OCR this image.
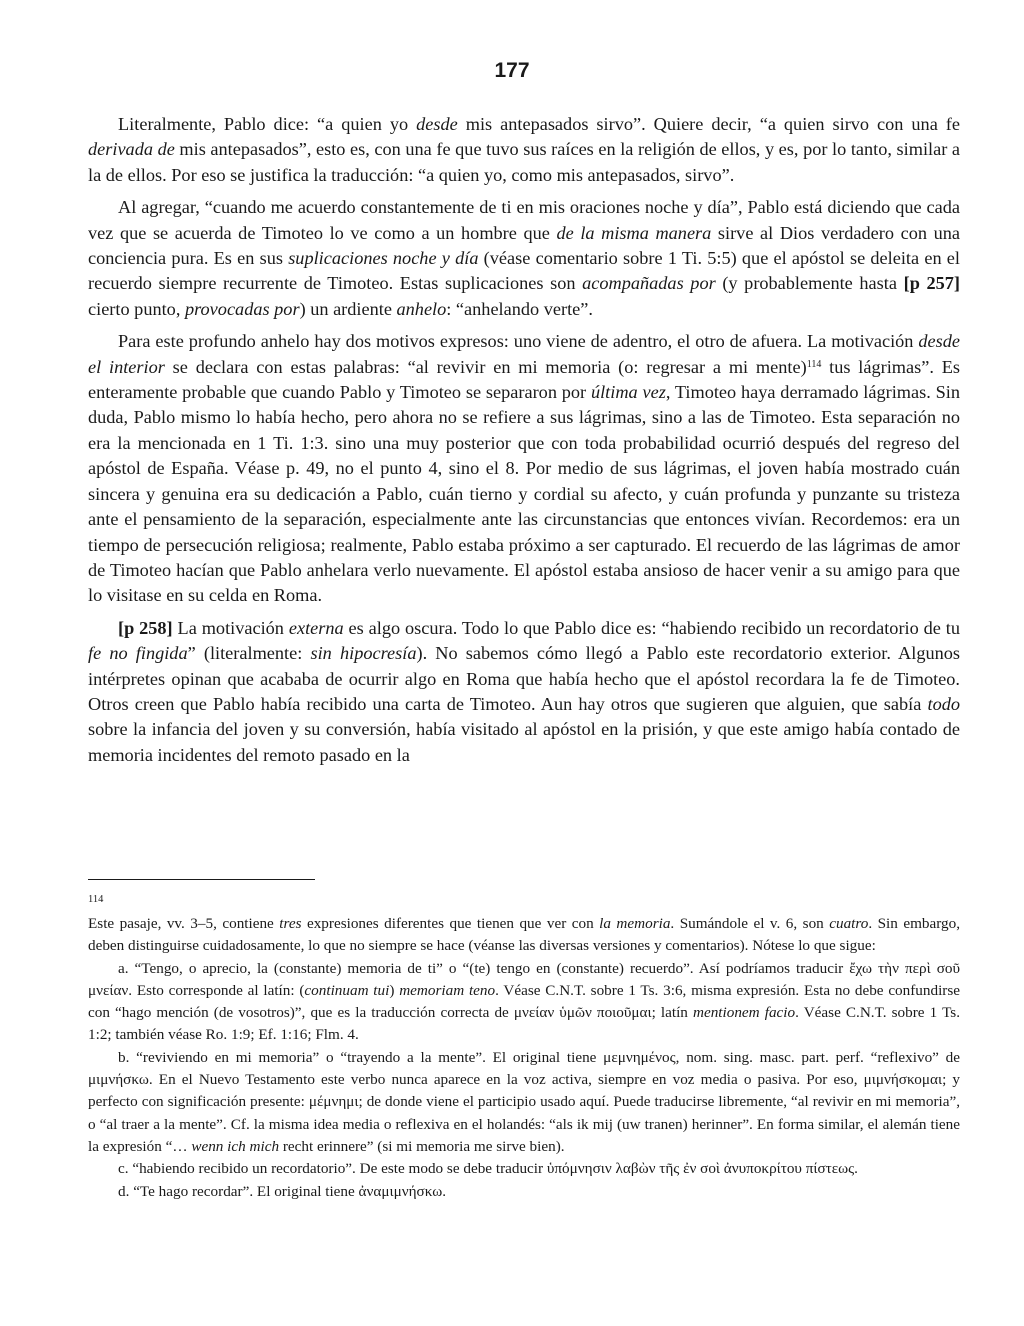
177

Literalmente, Pablo dice: “a quien yo desde mis antepasados sirvo”. Quiere decir, “a quien sirvo con una fe derivada de mis antepasados”, esto es, con una fe que tuvo sus raíces en la religión de ellos, y es, por lo tanto, similar a la de ellos. Por eso se justifica la traducción: “a quien yo, como mis antepasados, sirvo”.

Al agregar, “cuando me acuerdo constantemente de ti en mis oraciones noche y día”, Pablo está diciendo que cada vez que se acuerda de Timoteo lo ve como a un hombre que de la misma manera sirve al Dios verdadero con una conciencia pura. Es en sus suplicaciones noche y día (véase comentario sobre 1 Ti. 5:5) que el apóstol se deleita en el recuerdo siempre recurrente de Timoteo. Estas suplicaciones son acompañadas por (y probablemente hasta [p 257] cierto punto, provocadas por) un ardiente anhelo: “anhelando verte”.

Para este profundo anhelo hay dos motivos expresos: uno viene de adentro, el otro de afuera. La motivación desde el interior se declara con estas palabras: “al revivir en mi memoria (o: regresar a mi mente)$^{114}$ tus lágrimas”. Es enteramente probable que cuando Pablo y Timoteo se separaron por última vez, Timoteo haya derramado lágrimas. Sin duda, Pablo mismo lo había hecho, pero ahora no se refiere a sus lágrimas, sino a las de Timoteo. Esta separación no era la mencionada en 1 Ti. 1:3. sino una muy posterior que con toda probabilidad ocurrió después del regreso del apóstol de España. Véase p. 49, no el punto 4, sino el 8. Por medio de sus lágrimas, el joven había mostrado cuán sincera y genuina era su dedicación a Pablo, cuán tierno y cordial su afecto, y cuán profunda y punzante su tristeza ante el pensamiento de la separación, especialmente ante las circunstancias que entonces vivían. Recordemos: era un tiempo de persecución religiosa; realmente, Pablo estaba próximo a ser capturado. El recuerdo de las lágrimas de amor de Timoteo hacían que Pablo anhelara verlo nuevamente. El apóstol estaba ansioso de hacer venir a su amigo para que lo visitase en su celda en Roma.

[p 258] La motivación externa es algo oscura. Todo lo que Pablo dice es: “habiendo recibido un recordatorio de tu fe no fingida” (literalmente: sin hipocresía). No sabemos cómo llegó a Pablo este recordatorio exterior. Algunos intérpretes opinan que acababa de ocurrir algo en Roma que había hecho que el apóstol recordara la fe de Timoteo. Otros creen que Pablo había recibido una carta de Timoteo. Aun hay otros que sugieren que alguien, que sabía todo sobre la infancia del joven y su conversión, había visitado al apóstol en la prisión, y que este amigo había contado de memoria incidentes del remoto pasado en la

114

Este pasaje, vv. 3–5, contiene tres expresiones diferentes que tienen que ver con la memoria. Sumándole el v. 6, son cuatro. Sin embargo, deben distinguirse cuidadosamente, lo que no siempre se hace (véanse las diversas versiones y comentarios). Nótese lo que sigue:

a. “Tengo, o aprecio, la (constante) memoria de ti” o “(te) tengo en (constante) recuerdo”. Así podríamos traducir ἔχω τὴν περὶ σοῦ μνείαν. Esto corresponde al latín: (continuam tui) memoriam teno. Véase C.N.T. sobre 1 Ts. 3:6, misma expresión. Esta no debe confundirse con “hago mención (de vosotros)”, que es la traducción correcta de μνείαν ὑμῶν ποιοῦμαι; latín mentionem facio. Véase C.N.T. sobre 1 Ts. 1:2; también véase Ro. 1:9; Ef. 1:16; Flm. 4.

b. “reviviendo en mi memoria” o “trayendo a la mente”. El original tiene μεμνημένος, nom. sing. masc. part. perf. “reflexivo” de μιμνήσκω. En el Nuevo Testamento este verbo nunca aparece en la voz activa, siempre en voz media o pasiva. Por eso, μιμνήσκομαι; y perfecto con significación presente: μέμνημι; de donde viene el participio usado aquí. Puede traducirse libremente, “al revivir en mi memoria”, o “al traer a la mente”. Cf. la misma idea media o reflexiva en el holandés: “als ik mij (uw tranen) herinner”. En forma similar, el alemán tiene la expresión “… wenn ich mich recht erinnere” (si mi memoria me sirve bien).

c. “habiendo recibido un recordatorio”. De este modo se debe traducir ὑπόμνησιν λαβὼν τῆς ἐν σοὶ ἀνυποκρίτου πίστεως.

d. “Te hago recordar”. El original tiene ἀναμιμνήσκω.
